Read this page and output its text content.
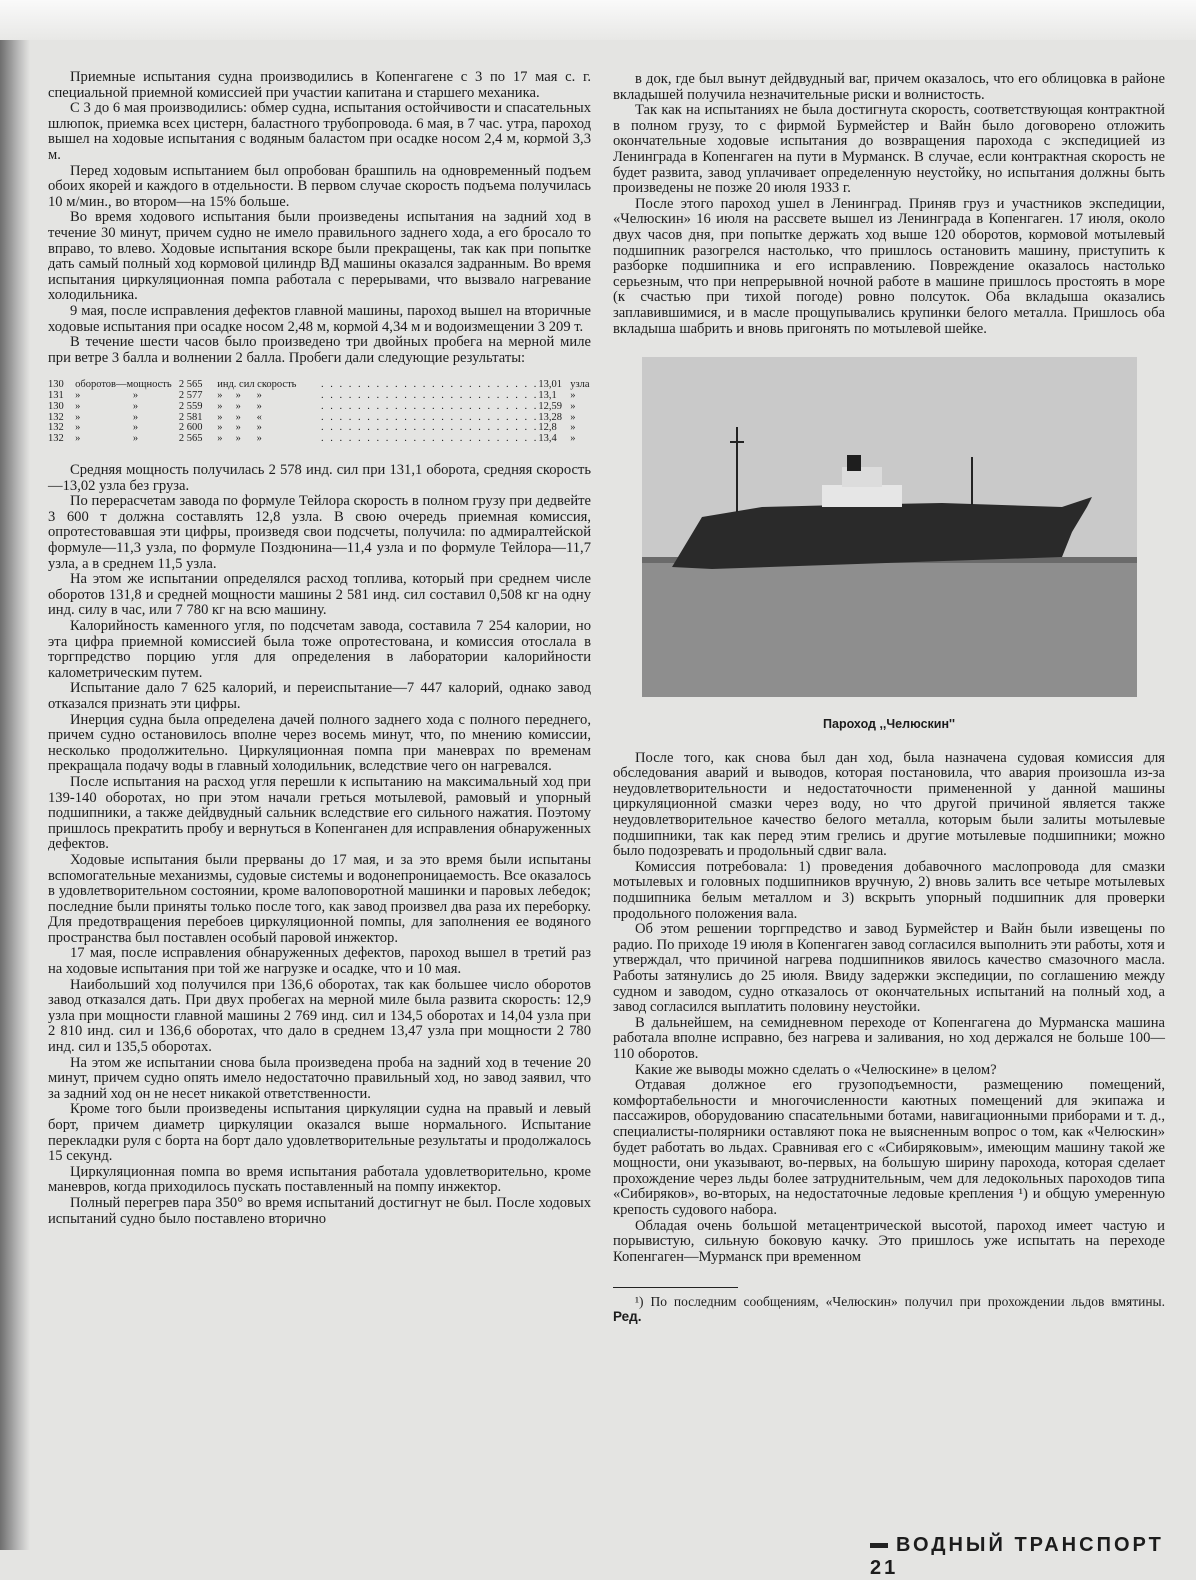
Приемные испытания судна производились в Копенгагене с 3 по 17 мая с. г. специальной приемной комиссией при участии капитана и старшего механика.

С 3 до 6 мая производились: обмер судна, испытания остойчивости и спасательных шлюпок, приемка всех цистерн, баластного трубопровода. 6 мая, в 7 час. утра, пароход вышел на ходовые испытания с водяным баластом при осадке носом 2,4 м, кормой 3,3 м.

Перед ходовым испытанием был опробован брашпиль на одновременный подъем обоих якорей и каждого в отдельности. В первом случае скорость подъема получилась 10 м/мин., во втором—на 15% больше.

Во время ходового испытания были произведены испытания на задний ход в течение 30 минут, причем судно не имело правильного заднего хода, а его бросало то вправо, то влево. Ходовые испытания вскоре были прекращены, так как при попытке дать самый полный ход кормовой цилиндр ВД машины оказался задранным. Во время испытания циркуляционная помпа работала с перерывами, что вызвало нагревание холодильника.

9 мая, после исправления дефектов главной машины, пароход вышел на вторичные ходовые испытания при осадке носом 2,48 м, кормой 4,34 м и водоизмещении 3 209 т.

В течение шести часов было произведено три двойных пробега на мерной миле при ветре 3 балла и волнении 2 балла. Пробеги дали следующие результаты:

130	оборотов—мощность 2 565	инд. сил скорость	. . . . . . . . . . . . . . . . . . . . . . . . 13,01 узла
131	»                    »	2 577	»     »      »	. . . . . . . . . . . . . . . . . . . . . . . . 13,1	»
130	»                    »	2 559	»     »      »	. . . . . . . . . . . . . . . . . . . . . . . . 12,59 »
132	»                    »	2 581	»     »      «	. . . . . . . . . . . . . . . . . . . . . . . . 13,28 »
132	»                    »	2 600	»     »      »	. . . . . . . . . . . . . . . . . . . . . . . . 12,8	»
132	»                    »	2 565	»     »      »	. . . . . . . . . . . . . . . . . . . . . . . . 13,4	»

Средняя мощность получилась 2 578 инд. сил при 131,1 оборота, средняя скорость—13,02 узла без груза.

По перерасчетам завода по формуле Тейлора скорость в полном грузу при дедвейте 3 600 т должна составлять 12,8 узла. В свою очередь приемная комиссия, опротестовавшая эти цифры, произведя свои подсчеты, получила: по адмиралтейской формуле—11,3 узла, по формуле Поздюнина—11,4 узла и по формуле Тейлора—11,7 узла, а в среднем 11,5 узла.

На этом же испытании определялся расход топлива, который при среднем числе оборотов 131,8 и средней мощности машины 2 581 инд. сил составил 0,508 кг на одну инд. силу в час, или 7 780 кг на всю машину.

Калорийность каменного угля, по подсчетам завода, составила 7 254 калории, но эта цифра приемной комиссией была тоже опротестована, и комиссия отослала в торгпредство порцию угля для определения в лаборатории калорийности калометрическим путем.

Испытание дало 7 625 калорий, и переиспытание—7 447 калорий, однако завод отказался признать эти цифры.

Инерция судна была определена дачей полного заднего хода с полного переднего, причем судно остановилось вполне через восемь минут, что, по мнению комиссии, несколько продолжительно. Циркуляционная помпа при маневрах по временам прекращала подачу воды в главный холодильник, вследствие чего он нагревался.

После испытания на расход угля перешли к испытанию на максимальный ход при 139-140 оборотах, но при этом начали греться мотылевой, рамовый и упорный подшипники, а также дейдвудный сальник вследствие его сильного нажатия. Поэтому пришлось прекратить пробу и вернуться в Копенганен для исправления обнаруженных дефектов.

Ходовые испытания были прерваны до 17 мая, и за это время были испытаны вспомогательные механизмы, судовые системы и водонепроницаемость. Все оказалось в удовлетворительном состоянии, кроме валоповоротной машинки и паровых лебедок; последние были приняты только после того, как завод произвел два раза их переборку. Для предотвращения перебоев циркуляционной помпы, для заполнения ее водяного пространства был поставлен особый паровой инжектор.

17 мая, после исправления обнаруженных дефектов, пароход вышел в третий раз на ходовые испытания при той же нагрузке и осадке, что и 10 мая.

Наибольший ход получился при 136,6 оборотах, так как большее число оборотов завод отказался дать. При двух пробегах на мерной миле была развита скорость: 12,9 узла при мощности главной машины 2 769 инд. сил и 134,5 оборотах и 14,04 узла при 2 810 инд. сил и 136,6 оборотах, что дало в среднем 13,47 узла при мощности 2 780 инд. сил и 135,5 оборотах.

На этом же испытании снова была произведена проба на задний ход в течение 20 минут, причем судно опять имело недостаточно правильный ход, но завод заявил, что за задний ход он не несет никакой ответственности.

Кроме того были произведены испытания циркуляции судна на правый и левый борт, причем диаметр циркуляции оказался выше нормального. Испытание перекладки руля с борта на борт дало удовлетворительные результаты и продолжалось 15 секунд.

Циркуляционная помпа во время испытания работала удовлетворительно, кроме маневров, когда приходилось пускать поставленный на помпу инжектор.

Полный перегрев пара 350° во время испытаний достигнут не был. После ходовых испытаний судно было поставлено вторично

в док, где был вынут дейдвудный ваг, причем оказалось, что его облицовка в районе вкладышей получила незначительные риски и волнистость.

Так как на испытаниях не была достигнута скорость, соответствующая контрактной в полном грузу, то с фирмой Бурмейстер и Вайн было договорено отложить окончательные ходовые испытания до возвращения парохода с экспедицией из Ленинграда в Копенгаген на пути в Мурманск. В случае, если контрактная скорость не будет развита, завод уплачивает определенную неустойку, но испытания должны быть произведены не позже 20 июля 1933 г.

После этого пароход ушел в Ленинград. Приняв груз и участников экспедиции, «Челюскин» 16 июля на рассвете вышел из Ленинграда в Копенгаген. 17 июля, около двух часов дня, при попытке держать ход выше 120 оборотов, кормовой мотылевый подшипник разогрелся настолько, что пришлось остановить машину, приступить к разборке подшипника и его исправлению. Повреждение оказалось настолько серьезным, что при непрерывной ночной работе в машине пришлось простоять в море (к счастью при тихой погоде) ровно полсуток. Оба вкладыша оказались заплавившимися, и в масле прощупывались крупинки белого металла. Пришлось оба вкладыша шабрить и вновь пригонять по мотылевой шейке.

Пароход ,,Челюскин''

После того, как снова был дан ход, была назначена судовая комиссия для обследования аварий и выводов, которая постановила, что авария произошла из-за неудовлетворительности и недостаточности примененной у данной машины циркуляционной смазки через воду, но что другой причиной является также неудовлетворительное качество белого металла, которым были залиты мотылевые подшипники, так как перед этим грелись и другие мотылевые подшипники; можно было подозревать и продольный сдвиг вала.

Комиссия потребовала: 1) проведения добавочного маслопровода для смазки мотылевых и головных подшипников вручную, 2) вновь залить все четыре мотылевых подшипника белым металлом и 3) вскрыть упорный подшипник для проверки продольного положения вала.

Об этом решении торгпредство и завод Бурмейстер и Вайн были извещены по радио. По приходе 19 июля в Копенгаген завод согласился выполнить эти работы, хотя и утверждал, что причиной нагрева подшипников явилось качество смазочного масла. Работы затянулись до 25 июля. Ввиду задержки экспедиции, по соглашению между судном и заводом, судно отказалось от окончательных испытаний на полный ход, а завод согласился выплатить половину неустойки.

В дальнейшем, на семидневном переходе от Копенгагена до Мурманска машина работала вполне исправно, без нагрева и заливания, но ход держался не больше 100—110 оборотов.

Какие же выводы можно сделать о «Челюскине» в целом?

Отдавая должное его грузоподъемности, размещению помещений, комфортабельности и многочисленности каютных помещений для экипажа и пассажиров, оборудованию спасательными ботами, навигационными приборами и т. д., специалисты-полярники оставляют пока не выясненным вопрос о том, как «Челюскин» будет работать во льдах. Сравнивая его с «Сибиряковым», имеющим машину такой же мощности, они указывают, во-первых, на большую ширину парохода, которая сделает прохождение через льды более затруднительным, чем для ледокольных пароходов типа «Сибиряков», во-вторых, на недостаточные ледовые крепления ¹) и общую умеренную крепость судового набора.

Обладая очень большой метацентрической высотой, пароход имеет частую и порывистую, сильную боковую качку. Это пришлось уже испытать на переходе Копенгаген—Мурманск при временном

¹) По последним сообщениям, «Челюскин» получил при прохождении льдов вмятины. Ред.

ВОДНЫЙ ТРАНСПОРТ 21
